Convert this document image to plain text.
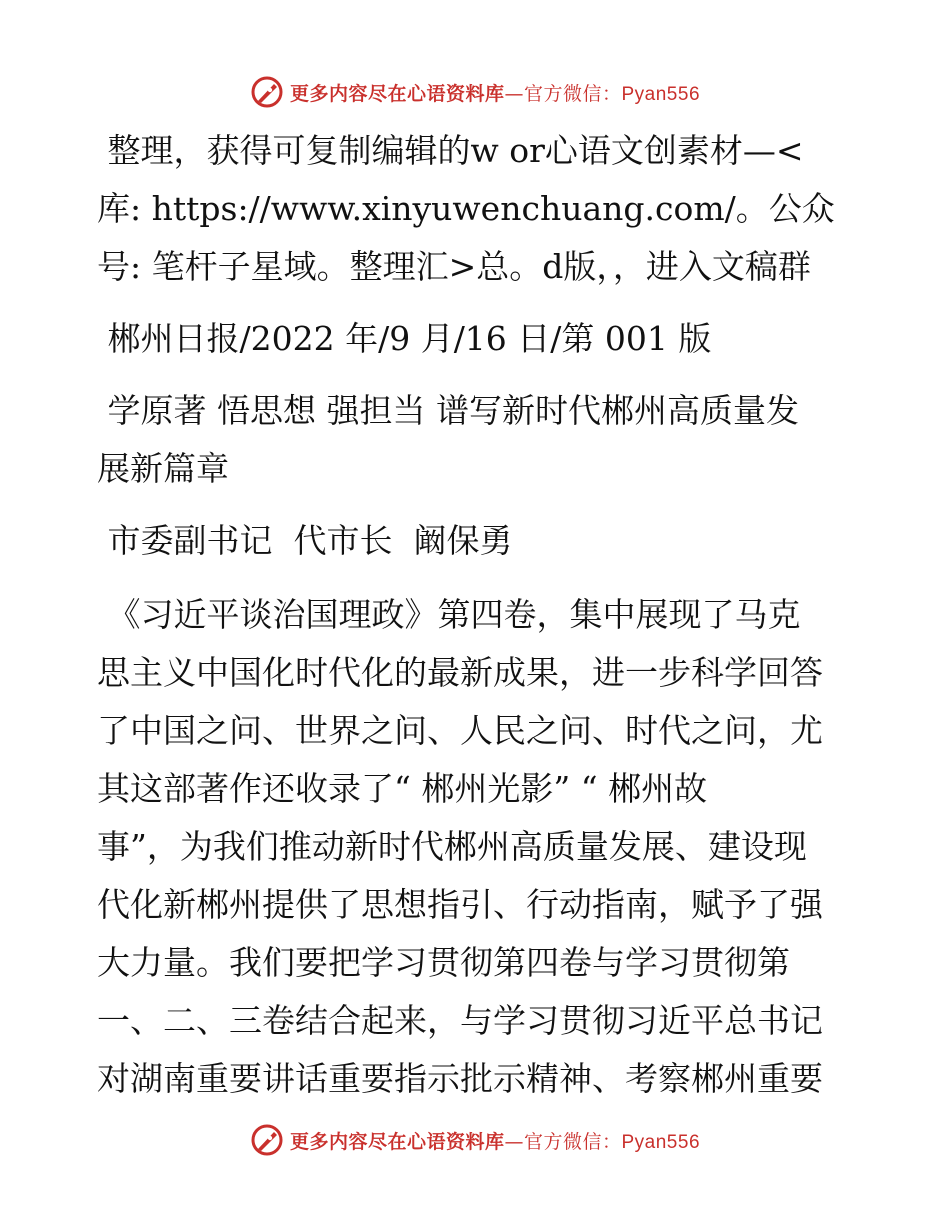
更多内容尽在心语资料库—官方微信：Pyan556

整理，获得可复制编辑的w or心语文创素材—<

库: https://www.xinyuwenchuang.com/。公众

号: 笔杆子星域。整理汇>总。d版，，进入文稿群

郴州日报/2022 年/9 月/16 日/第 001 版

学原著 悟思想 强担当 谱写新时代郴州高质量发

展新篇章

市委副书记  代市长  阚保勇

《习近平谈治国理政》第四卷，集中展现了马克

思主义中国化时代化的最新成果，进一步科学回答

了中国之问、世界之问、人民之问、时代之问，尤

其这部著作还收录了“ 郴州光影” “ 郴州故

事”，为我们推动新时代郴州高质量发展、建设现

代化新郴州提供了思想指引、行动指南，赋予了强

大力量。我们要把学习贯彻第四卷与学习贯彻第

一、二、三卷结合起来，与学习贯彻习近平总书记

对湖南重要讲话重要指示批示精神、考察郴州重要

更多内容尽在心语资料库—官方微信：Pyan556
